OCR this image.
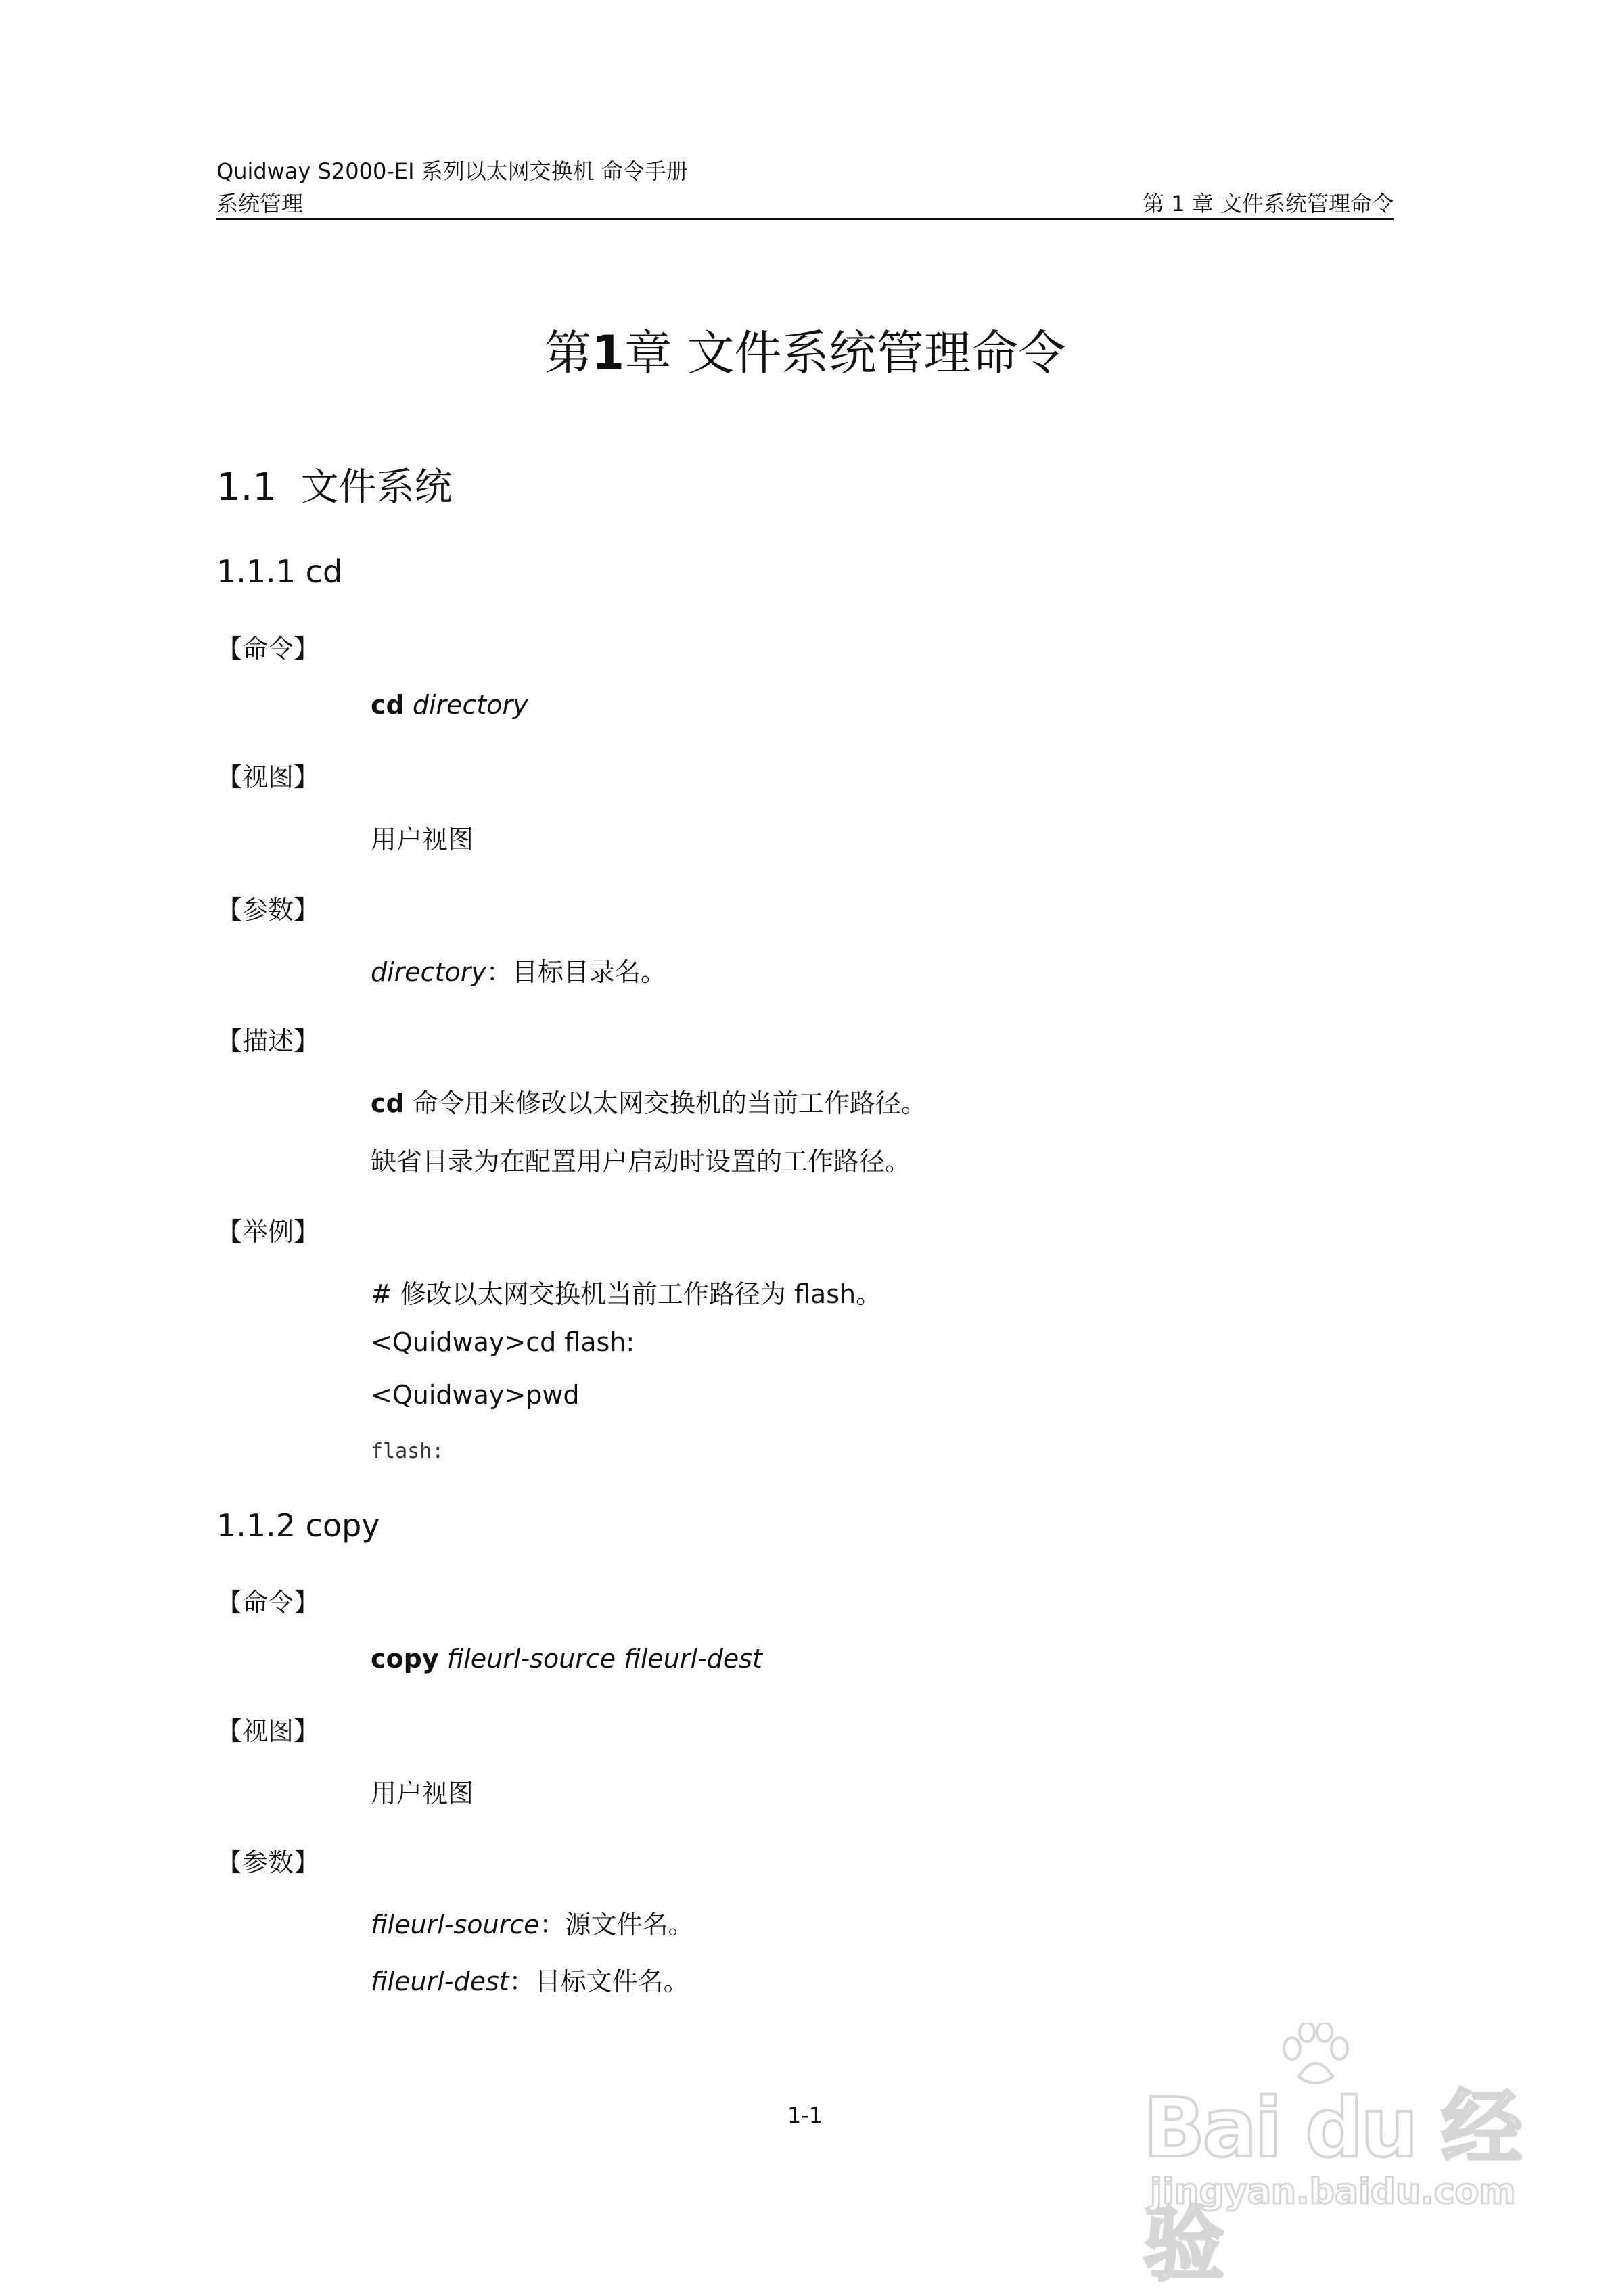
Quidway S2000-EI 系列以太网交换机 命令手册
系统管理	第 1 章 文件系统管理命令
第1章 文件系统管理命令
1.1 文件系统
1.1.1 cd
【命令】
cd directory
【视图】
用户视图
【参数】
directory：目标目录名。
【描述】
cd 命令用来修改以太网交换机的当前工作路径。
缺省目录为在配置用户启动时设置的工作路径。
【举例】
# 修改以太网交换机当前工作路径为 flash。
<Quidway>cd flash:
<Quidway>pwd
flash:
1.1.2 copy
【命令】
copy fileurl-source fileurl-dest
【视图】
用户视图
【参数】
fileurl-source：源文件名。
fileurl-dest：目标文件名。
1-1	Bai du 经验
jingyan.baidu.com
